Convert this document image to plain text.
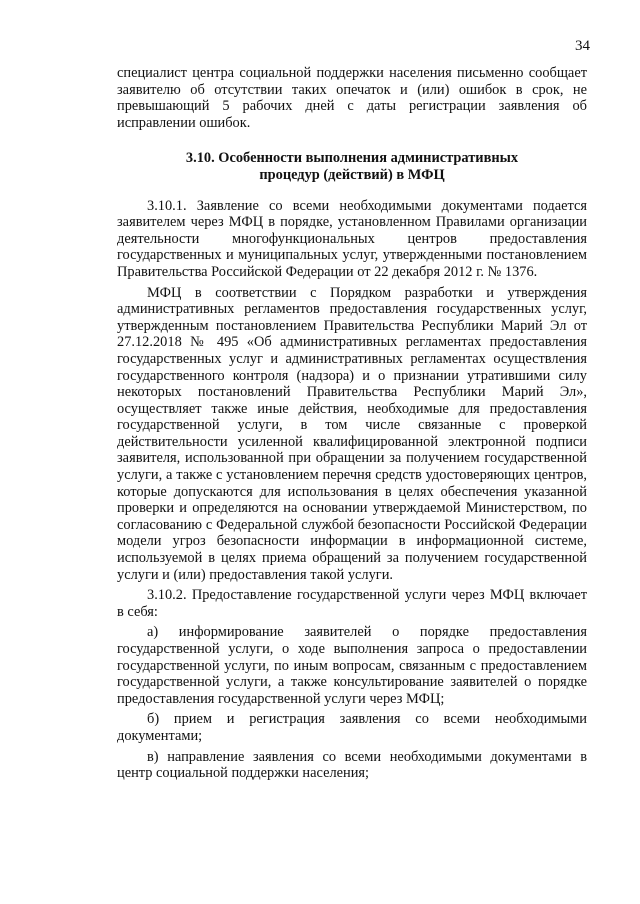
34

специалист центра социальной поддержки населения письменно сообщает заявителю об отсутствии таких опечаток и (или) ошибок в срок, не превышающий 5 рабочих дней с даты регистрации заявления об исправлении ошибок.

3.10. Особенности выполнения административных
процедур (действий) в МФЦ

3.10.1. Заявление со всеми необходимыми документами подается заявителем через МФЦ в порядке, установленном Правилами организации деятельности многофункциональных центров предоставления государственных и муниципальных услуг, утвержденными постановлением Правительства Российской Федерации от 22 декабря 2012 г. № 1376.

МФЦ в соответствии с Порядком разработки и утверждения административных регламентов предоставления государственных услуг, утвержденным постановлением Правительства Республики Марий Эл от 27.12.2018 № 495 «Об административных регламентах предоставления государственных услуг и административных регламентах осуществления государственного контроля (надзора) и о признании утратившими силу некоторых постановлений Правительства Республики Марий Эл», осуществляет также иные действия, необходимые для предоставления государственной услуги, в том числе связанные с проверкой действительности усиленной квалифицированной электронной подписи заявителя, использованной при обращении за получением государственной услуги, а также с установлением перечня средств удостоверяющих центров, которые допускаются для использования в целях обеспечения указанной проверки и определяются на основании утверждаемой Министерством, по согласованию с Федеральной службой безопасности Российской Федерации модели угроз безопасности информации в информационной системе, используемой в целях приема обращений за получением государственной услуги и (или) предоставления такой услуги.

3.10.2. Предоставление государственной услуги через МФЦ включает в себя:

а) информирование заявителей о порядке предоставления государственной услуги, о ходе выполнения запроса о предоставлении государственной услуги, по иным вопросам, связанным с предоставлением государственной услуги, а также консультирование заявителей о порядке предоставления государственной услуги через МФЦ;

б) прием и регистрация заявления со всеми необходимыми документами;

в) направление заявления со всеми необходимыми документами в центр социальной поддержки населения;
